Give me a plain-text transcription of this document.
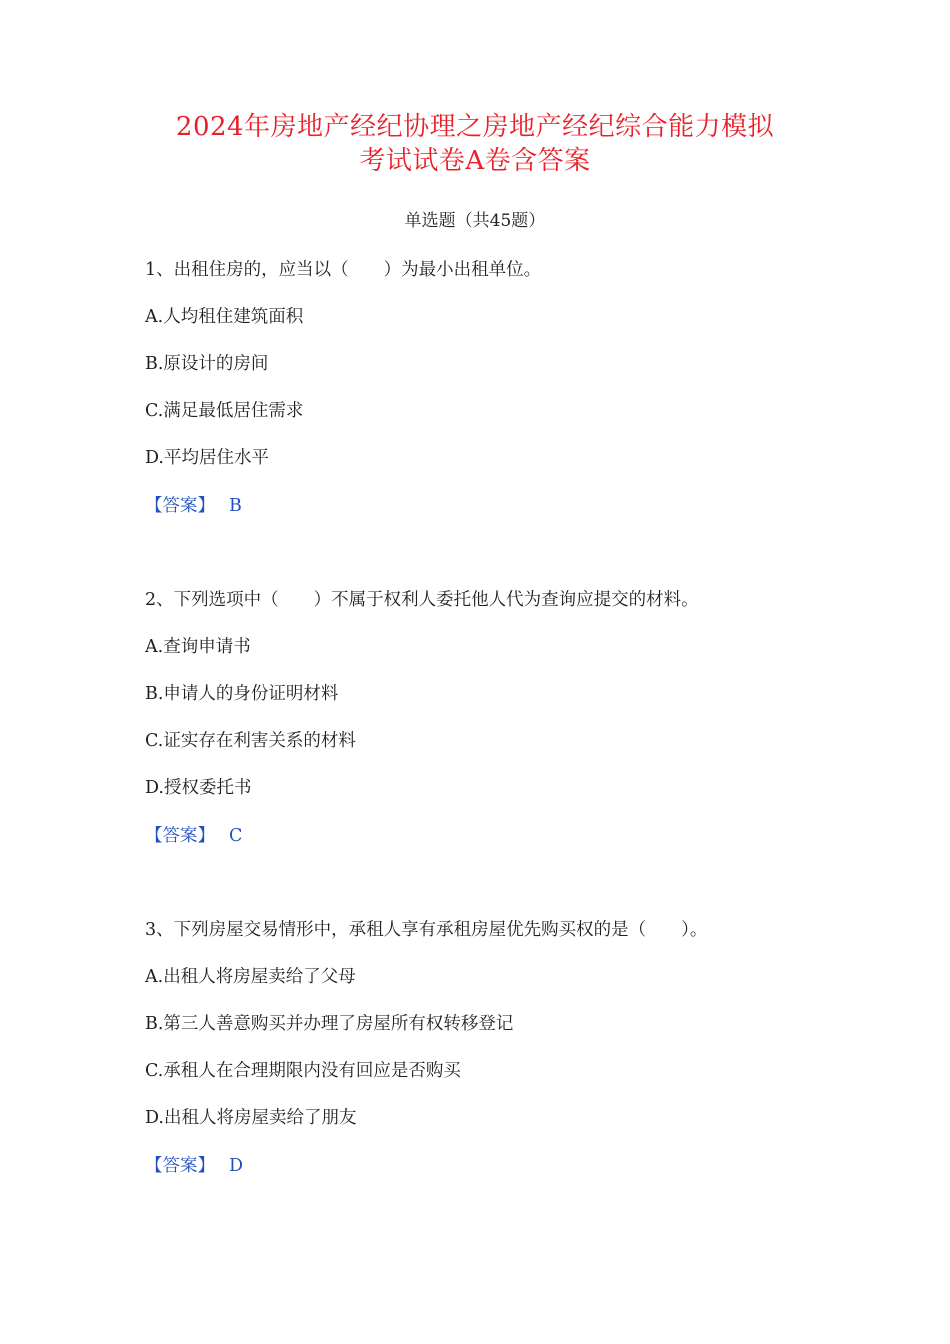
2024年房地产经纪协理之房地产经纪综合能力模拟
考试试卷A卷含答案
单选题（共45题）
1、出租住房的，应当以（　　）为最小出租单位。
A.人均租住建筑面积
B.原设计的房间
C.满足最低居住需求
D.平均居住水平
【答案】 B
2、下列选项中（　　）不属于权利人委托他人代为查询应提交的材料。
A.查询申请书
B.申请人的身份证明材料
C.证实存在利害关系的材料
D.授权委托书
【答案】 C
3、下列房屋交易情形中，承租人享有承租房屋优先购买权的是（　　）。
A.出租人将房屋卖给了父母
B.第三人善意购买并办理了房屋所有权转移登记
C.承租人在合理期限内没有回应是否购买
D.出租人将房屋卖给了朋友
【答案】 D
